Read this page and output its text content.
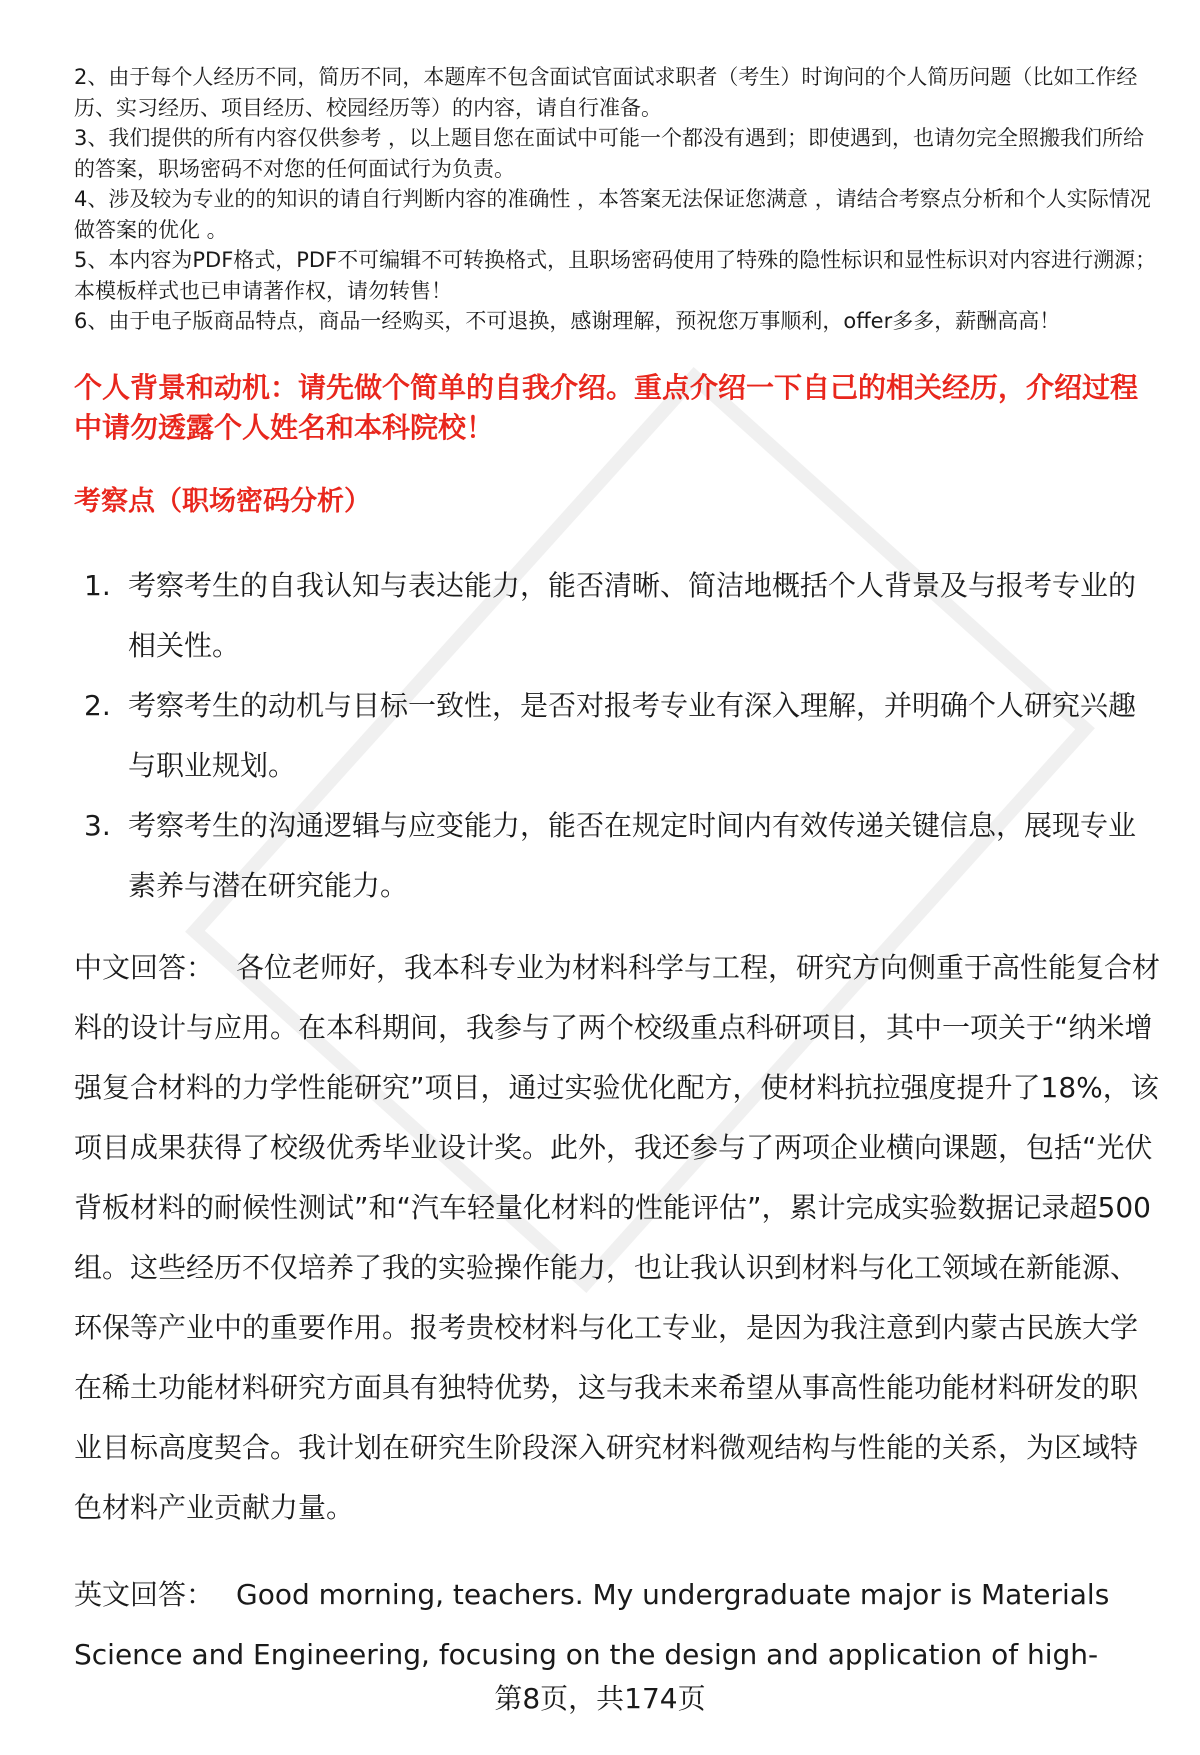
2、由于每个人经历不同，简历不同，本题库不包含面试官面试求职者（考生）时询问的个人简历问题（比如工作经历、实习经历、项目经历、校园经历等）的内容，请自行准备。

3、我们提供的所有内容仅供参考 ，以上题目您在面试中可能一个都没有遇到；即使遇到，也请勿完全照搬我们所给的答案，职场密码不对您的任何面试行为负责。

4、涉及较为专业的的知识的请自行判断内容的准确性 ，本答案无法保证您满意 ，请结合考察点分析和个人实际情况做答案的优化 。

5、本内容为PDF格式，PDF不可编辑不可转换格式，且职场密码使用了特殊的隐性标识和显性标识对内容进行溯源；本模板样式也已申请著作权，请勿转售！

6、由于电子版商品特点，商品一经购买，不可退换，感谢理解，预祝您万事顺利，offer多多，薪酬高高！

个人背景和动机：请先做个简单的自我介绍。重点介绍一下自己的相关经历，介绍过程中请勿透露个人姓名和本科院校！

考察点（职场密码分析）

1. 考察考生的自我认知与表达能力，能否清晰、简洁地概括个人背景及与报考专业的相关性。
2. 考察考生的动机与目标一致性，是否对报考专业有深入理解，并明确个人研究兴趣与职业规划。
3. 考察考生的沟通逻辑与应变能力，能否在规定时间内有效传递关键信息，展现专业素养与潜在研究能力。

中文回答： 各位老师好，我本科专业为材料科学与工程，研究方向侧重于高性能复合材料的设计与应用。在本科期间，我参与了两个校级重点科研项目，其中一项关于“纳米增强复合材料的力学性能研究”项目，通过实验优化配方，使材料抗拉强度提升了18%，该项目成果获得了校级优秀毕业设计奖。此外，我还参与了两项企业横向课题，包括“光伏背板材料的耐候性测试”和“汽车轻量化材料的性能评估”，累计完成实验数据记录超500组。这些经历不仅培养了我的实验操作能力，也让我认识到材料与化工领域在新能源、环保等产业中的重要作用。报考贵校材料与化工专业，是因为我注意到内蒙古民族大学在稀土功能材料研究方面具有独特优势，这与我未来希望从事高性能功能材料研发的职业目标高度契合。我计划在研究生阶段深入研究材料微观结构与性能的关系，为区域特色材料产业贡献力量。

英文回答： Good morning, teachers. My undergraduate major is Materials Science and Engineering, focusing on the design and application of high-

第8页，共174页
